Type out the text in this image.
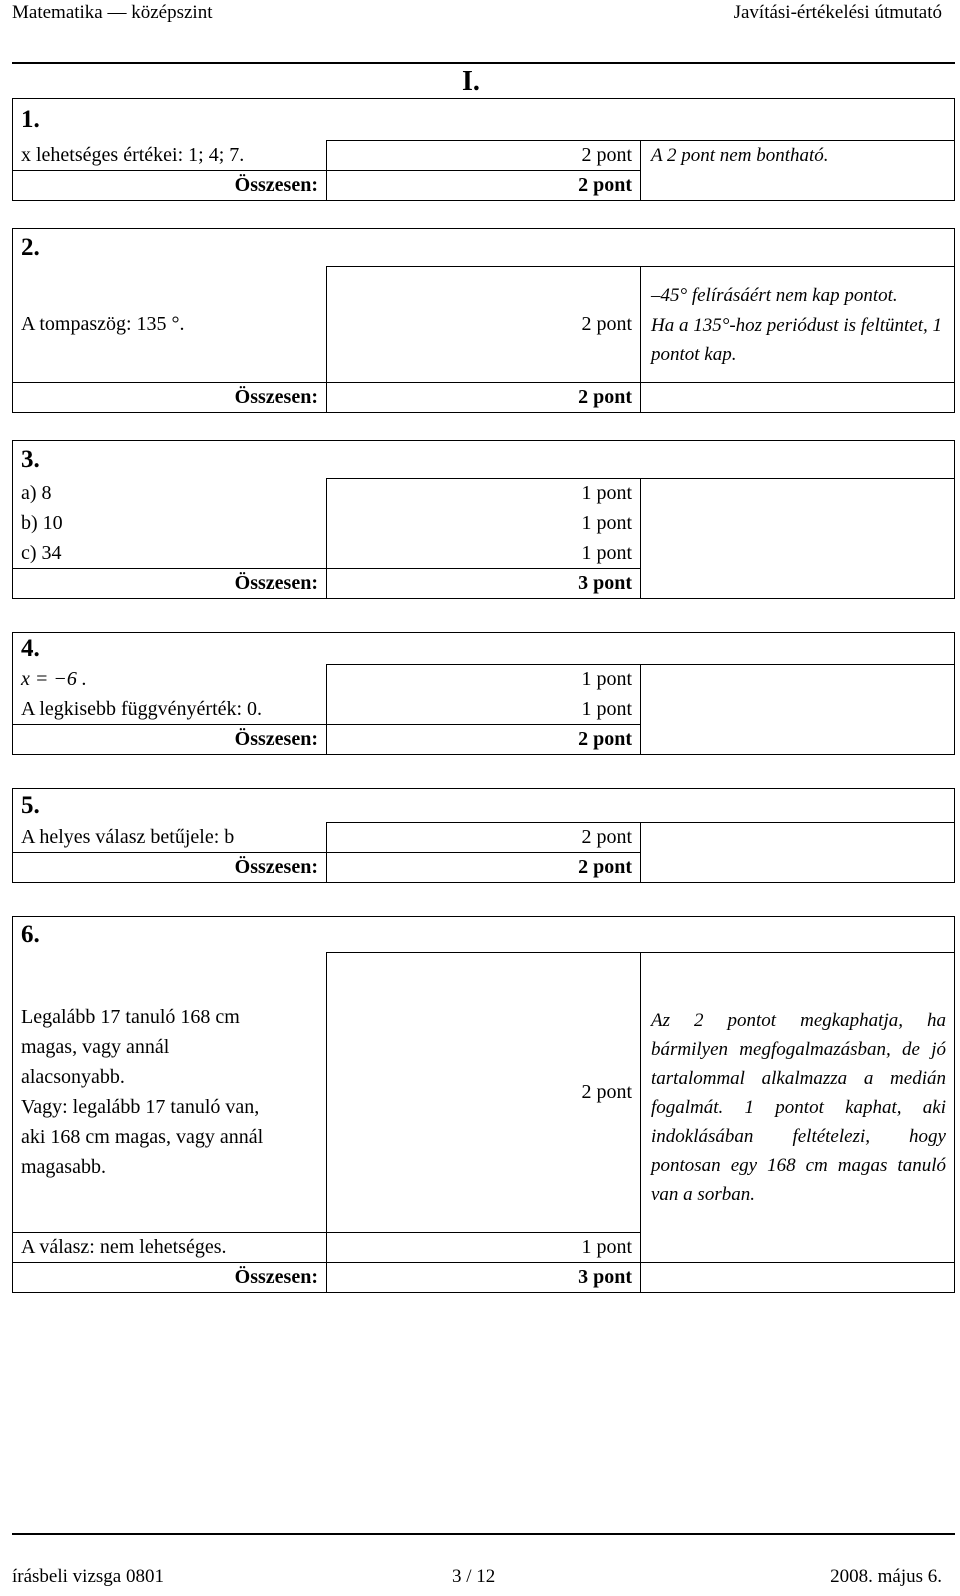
Matematika — középszint	Javítási-értékelési útmutató
I.
1.		

x lehetséges értékei: 1; 4; 7.	2 pont	A 2 pont nem bontható.

Összesen:	2 pont	
2.		

A tompaszög: 135 °.	2 pont	–45° felírásáért nem kap pontot.
Ha a 135°-hoz periódust is feltüntet, 1 pontot kap.

Összesen:	2 pont	
3.		

a) 8	1 pont	
b) 10	1 pont	
c) 34	1 pont	

Összesen:	3 pont	
4.		

x = −6 .	1 pont	
A legkisebb függvényérték: 0.	1 pont	

Összesen:	2 pont	
5.		

A helyes válasz betűjele: b	2 pont	

Összesen:	2 pont	
6.		

Legalább 17 tanuló 168 cm magas, vagy annál alacsonyabb.
Vagy: legalább 17 tanuló van, aki 168 cm magas, vagy annál magasabb.	2 pont	Az 2 pontot megkaphatja, ha bármilyen megfogalmazásban, de jó tartalommal alkalmazza a medián fogalmát. 1 pontot kaphat, aki indoklásában feltételezi, hogy pontosan egy 168 cm magas tanuló van a sorban.
A válasz: nem lehetséges.	1 pont	

Összesen:	3 pont	
írásbeli vizsga 0801	3 / 12	2008. május 6.
